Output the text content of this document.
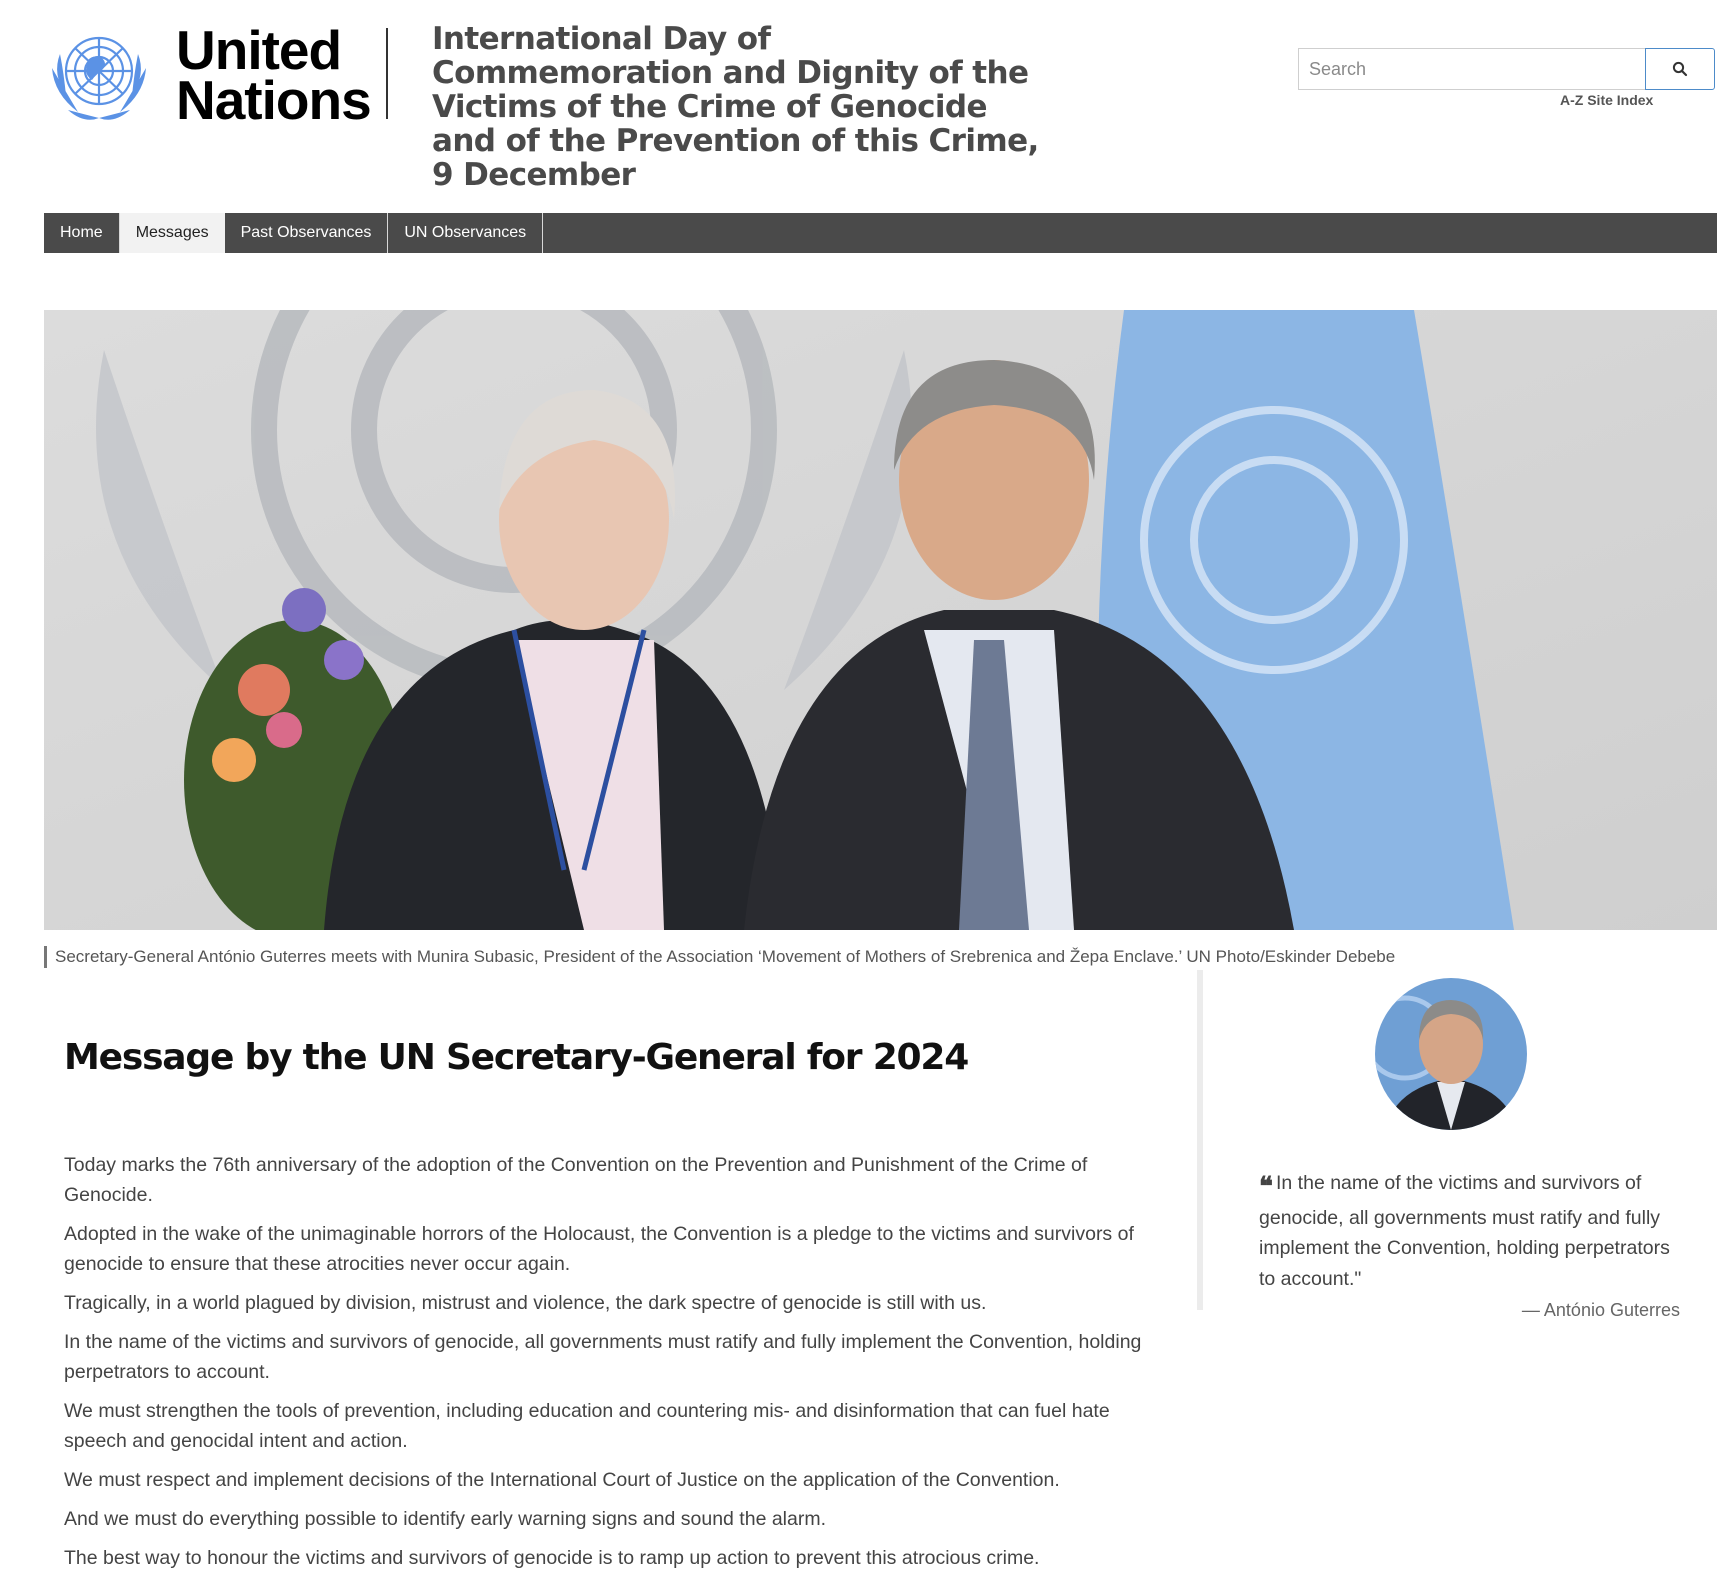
United
Nations
International Day of Commemoration and Dignity of the Victims of the Crime of Genocide and of the Prevention of this Crime, 9 December
Search
A-Z Site Index
Home	Messages	Past Observances	UN Observances
Secretary-General António Guterres meets with Munira Subasic, President of the Association ‘Movement of Mothers of Srebrenica and Žepa Enclave.’ UN Photo/Eskinder Debebe
Message by the UN Secretary-General for 2024

Today marks the 76th anniversary of the adoption of the Convention on the Prevention and Punishment of the Crime of Genocide.

Adopted in the wake of the unimaginable horrors of the Holocaust, the Convention is a pledge to the victims and survivors of genocide to ensure that these atrocities never occur again.

Tragically, in a world plagued by division, mistrust and violence, the dark spectre of genocide is still with us.

In the name of the victims and survivors of genocide, all governments must ratify and fully implement the Convention, holding perpetrators to account.

We must strengthen the tools of prevention, including education and countering mis- and disinformation that can fuel hate speech and genocidal intent and action.

We must respect and implement decisions of the International Court of Justice on the application of the Convention.

And we must do everything possible to identify early warning signs and sound the alarm.

The best way to honour the victims and survivors of genocide is to ramp up action to prevent this atrocious crime.

❝ In the name of the victims and survivors of genocide, all governments must ratify and fully implement the Convention, holding perpetrators to account."
— António Guterres
